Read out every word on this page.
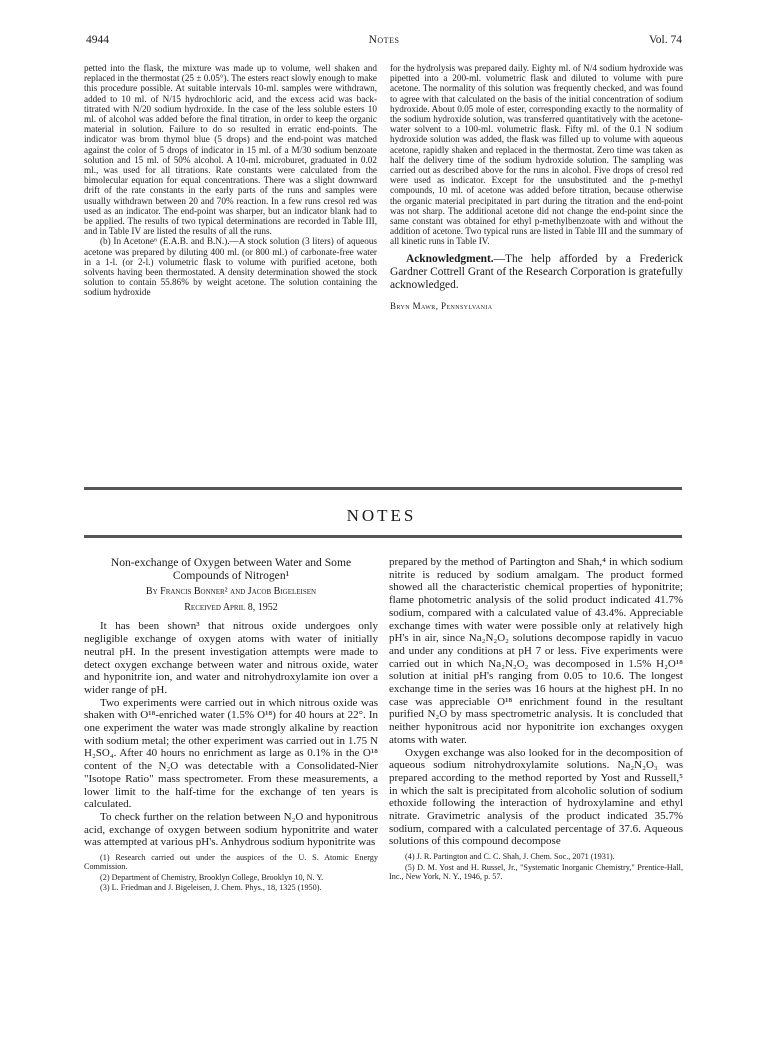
4944	Notes	Vol. 74

petted into the flask, the mixture was made up to volume, well shaken and replaced in the thermostat (25 ± 0.05°). The esters react slowly enough to make this procedure possible. At suitable intervals 10-ml. samples were withdrawn, added to 10 ml. of N/15 hydrochloric acid, and the excess acid was back-titrated with N/20 sodium hydroxide. In the case of the less soluble esters 10 ml. of alcohol was added before the final titration, in order to keep the organic material in solution. Failure to do so resulted in erratic end-points. The indicator was brom thymol blue (5 drops) and the end-point was matched against the color of 5 drops of indicator in 15 ml. of a M/30 sodium benzoate solution and 15 ml. of 50% alcohol. A 10-ml. microburet, graduated in 0.02 ml., was used for all titrations. Rate constants were calculated from the bimolecular equation for equal concentrations. There was a slight downward drift of the rate constants in the early parts of the runs and samples were usually withdrawn between 20 and 70% reaction. In a few runs cresol red was used as an indicator. The end-point was sharper, but an indicator blank had to be applied. The results of two typical determinations are recorded in Table III, and in Table IV are listed the results of all the runs.

(b) In Acetone⁶ (E.A.B. and B.N.).—A stock solution (3 liters) of aqueous acetone was prepared by diluting 400 ml. (or 800 ml.) of carbonate-free water in a 1-l. (or 2-l.) volumetric flask to volume with purified acetone, both solvents having been thermostated. A density determination showed the stock solution to contain 55.86% by weight acetone. The solution containing the sodium hydroxide

for the hydrolysis was prepared daily. Eighty ml. of N/4 sodium hydroxide was pipetted into a 200-ml. volumetric flask and diluted to volume with pure acetone. The normality of this solution was frequently checked, and was found to agree with that calculated on the basis of the initial concentration of sodium hydroxide. About 0.05 mole of ester, corresponding exactly to the normality of the sodium hydroxide solution, was transferred quantitatively with the acetone-water solvent to a 100-ml. volumetric flask. Fifty ml. of the 0.1 N sodium hydroxide solution was added, the flask was filled up to volume with aqueous acetone, rapidly shaken and replaced in the thermostat. Zero time was taken as half the delivery time of the sodium hydroxide solution. The sampling was carried out as described above for the runs in alcohol. Five drops of cresol red were used as indicator. Except for the unsubstituted and the p-methyl compounds, 10 ml. of acetone was added before titration, because otherwise the organic material precipitated in part during the titration and the end-point was not sharp. The additional acetone did not change the end-point since the same constant was obtained for ethyl p-methylbenzoate with and without the addition of acetone. Two typical runs are listed in Table III and the summary of all kinetic runs in Table IV.

Acknowledgment.—The help afforded by a Frederick Gardner Cottrell Grant of the Research Corporation is gratefully acknowledged.

Bryn Mawr, Pennsylvania

NOTES

Non-exchange of Oxygen between Water and Some Compounds of Nitrogen¹

By Francis Bonner² and Jacob Bigeleisen

Received April 8, 1952

It has been shown³ that nitrous oxide undergoes only negligible exchange of oxygen atoms with water of initially neutral pH. In the present investigation attempts were made to detect oxygen exchange between water and nitrous oxide, water and hyponitrite ion, and water and nitrohydroxylamite ion over a wider range of pH.

Two experiments were carried out in which nitrous oxide was shaken with O¹⁸-enriched water (1.5% O¹⁸) for 40 hours at 22°. In one experiment the water was made strongly alkaline by reaction with sodium metal; the other experiment was carried out in 1.75 N H₂SO₄. After 40 hours no enrichment as large as 0.1% in the O¹⁸ content of the N₂O was detectable with a Consolidated-Nier "Isotope Ratio" mass spectrometer. From these measurements, a lower limit to the half-time for the exchange of ten years is calculated.

To check further on the relation between N₂O and hyponitrous acid, exchange of oxygen between sodium hyponitrite and water was attempted at various pH's. Anhydrous sodium hyponitrite was

(1) Research carried out under the auspices of the U. S. Atomic Energy Commission.

(2) Department of Chemistry, Brooklyn College, Brooklyn 10, N. Y.

(3) L. Friedman and J. Bigeleisen, J. Chem. Phys., 18, 1325 (1950).

prepared by the method of Partington and Shah,⁴ in which sodium nitrite is reduced by sodium amalgam. The product formed showed all the characteristic chemical properties of hyponitrite; flame photometric analysis of the solid product indicated 41.7% sodium, compared with a calculated value of 43.4%. Appreciable exchange times with water were possible only at relatively high pH's in air, since Na₂N₂O₂ solutions decompose rapidly in vacuo and under any conditions at pH 7 or less. Five experiments were carried out in which Na₂N₂O₂ was decomposed in 1.5% H₂O¹⁸ solution at initial pH's ranging from 0.05 to 10.6. The longest exchange time in the series was 16 hours at the highest pH. In no case was appreciable O¹⁸ enrichment found in the resultant purified N₂O by mass spectrometric analysis. It is concluded that neither hyponitrous acid nor hyponitrite ion exchanges oxygen atoms with water.

Oxygen exchange was also looked for in the decomposition of aqueous sodium nitrohydroxylamite solutions. Na₂N₂O₃ was prepared according to the method reported by Yost and Russell,⁵ in which the salt is precipitated from alcoholic solution of sodium ethoxide following the interaction of hydroxylamine and ethyl nitrate. Gravimetric analysis of the product indicated 35.7% sodium, compared with a calculated percentage of 37.6. Aqueous solutions of this compound decompose

(4) J. R. Partington and C. C. Shah, J. Chem. Soc., 2071 (1931).

(5) D. M. Yost and H. Russel, Jr., "Systematic Inorganic Chemistry," Prentice-Hall, Inc., New York, N. Y., 1946, p. 57.
